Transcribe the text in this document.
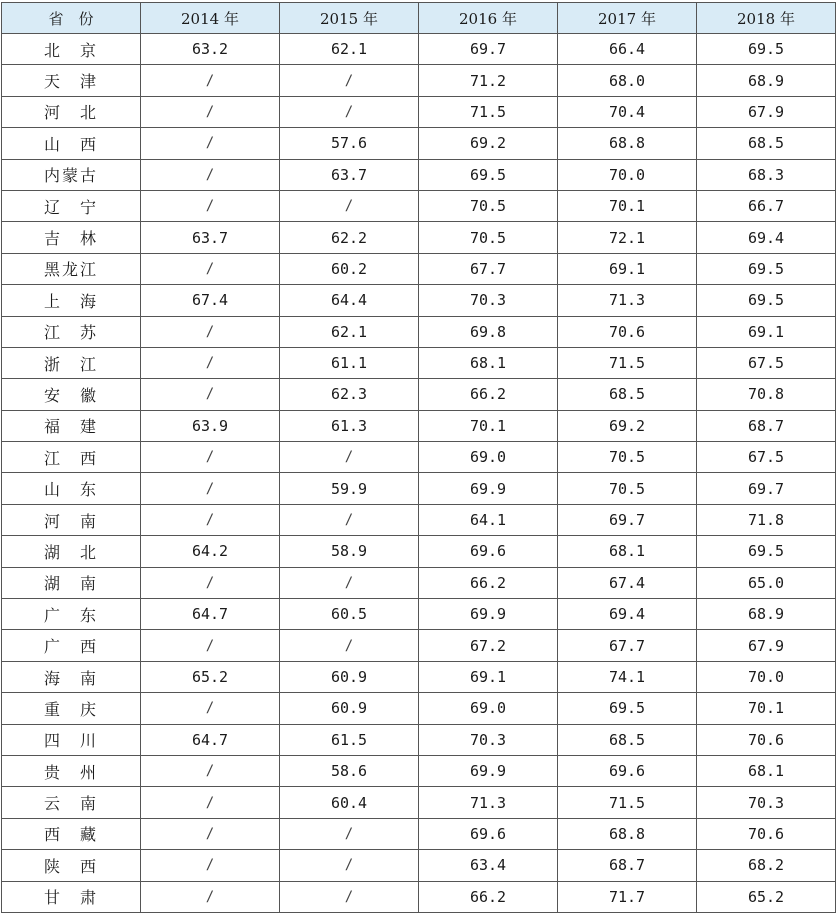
省　份	2014 年	2015 年	2016 年	2017 年	2018 年
北　京	63.2	62.1	69.7	66.4	69.5
天　津	/	/	71.2	68.0	68.9
河　北	/	/	71.5	70.4	67.9
山　西	/	57.6	69.2	68.8	68.5
内蒙古	/	63.7	69.5	70.0	68.3
辽　宁	/	/	70.5	70.1	66.7
吉　林	63.7	62.2	70.5	72.1	69.4
黑龙江	/	60.2	67.7	69.1	69.5
上　海	67.4	64.4	70.3	71.3	69.5
江　苏	/	62.1	69.8	70.6	69.1
浙　江	/	61.1	68.1	71.5	67.5
安　徽	/	62.3	66.2	68.5	70.8
福　建	63.9	61.3	70.1	69.2	68.7
江　西	/	/	69.0	70.5	67.5
山　东	/	59.9	69.9	70.5	69.7
河　南	/	/	64.1	69.7	71.8
湖　北	64.2	58.9	69.6	68.1	69.5
湖　南	/	/	66.2	67.4	65.0
广　东	64.7	60.5	69.9	69.4	68.9
广　西	/	/	67.2	67.7	67.9
海　南	65.2	60.9	69.1	74.1	70.0
重　庆	/	60.9	69.0	69.5	70.1
四　川	64.7	61.5	70.3	68.5	70.6
贵　州	/	58.6	69.9	69.6	68.1
云　南	/	60.4	71.3	71.5	70.3
西　藏	/	/	69.6	68.8	70.6
陕　西	/	/	63.4	68.7	68.2
甘　肃	/	/	66.2	71.7	65.2
